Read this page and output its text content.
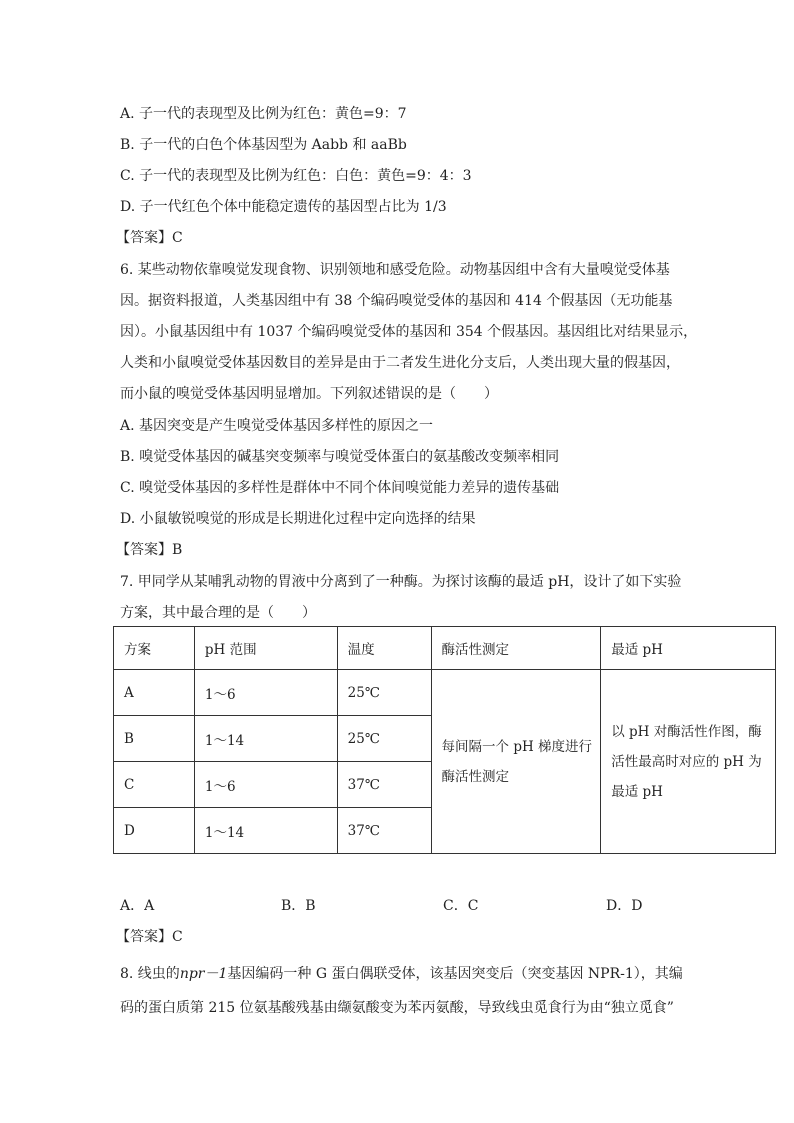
A. 子一代的表现型及比例为红色：黄色=9：7
B. 子一代的白色个体基因型为 Aabb 和 aaBb
C. 子一代的表现型及比例为红色：白色：黄色=9：4：3
D. 子一代红色个体中能稳定遗传的基因型占比为 1/3
【答案】C
6. 某些动物依靠嗅觉发现食物、识别领地和感受危险。动物基因组中含有大量嗅觉受体基
因。据资料报道，人类基因组中有 38 个编码嗅觉受体的基因和 414 个假基因（无功能基
因）。小鼠基因组中有 1037 个编码嗅觉受体的基因和 354 个假基因。基因组比对结果显示，
人类和小鼠嗅觉受体基因数目的差异是由于二者发生进化分支后，人类出现大量的假基因，
而小鼠的嗅觉受体基因明显增加。下列叙述错误的是（　　）
A. 基因突变是产生嗅觉受体基因多样性的原因之一
B. 嗅觉受体基因的碱基突变频率与嗅觉受体蛋白的氨基酸改变频率相同
C. 嗅觉受体基因的多样性是群体中不同个体间嗅觉能力差异的遗传基础
D. 小鼠敏锐嗅觉的形成是长期进化过程中定向选择的结果
【答案】B
7. 甲同学从某哺乳动物的胃液中分离到了一种酶。为探讨该酶的最适 pH，设计了如下实验
方案，其中最合理的是（　　）
方案	pH 范围	温度	酶活性测定	最适 pH
A	1～6	25℃	每间隔一个 pH 梯度进行酶活性测定	以 pH 对酶活性作图，酶活性最高时对应的 pH 为最适 pH
B	1～14	25℃		
C	1～6	37℃		
D	1～14	37℃		
A．A	B．B	C．C	D．D
【答案】C
8. 线虫的npr－1基因编码一种 G 蛋白偶联受体，该基因突变后（突变基因 NPR-1），其编
码的蛋白质第 215 位氨基酸残基由缬氨酸变为苯丙氨酸，导致线虫觅食行为由“独立觅食”
